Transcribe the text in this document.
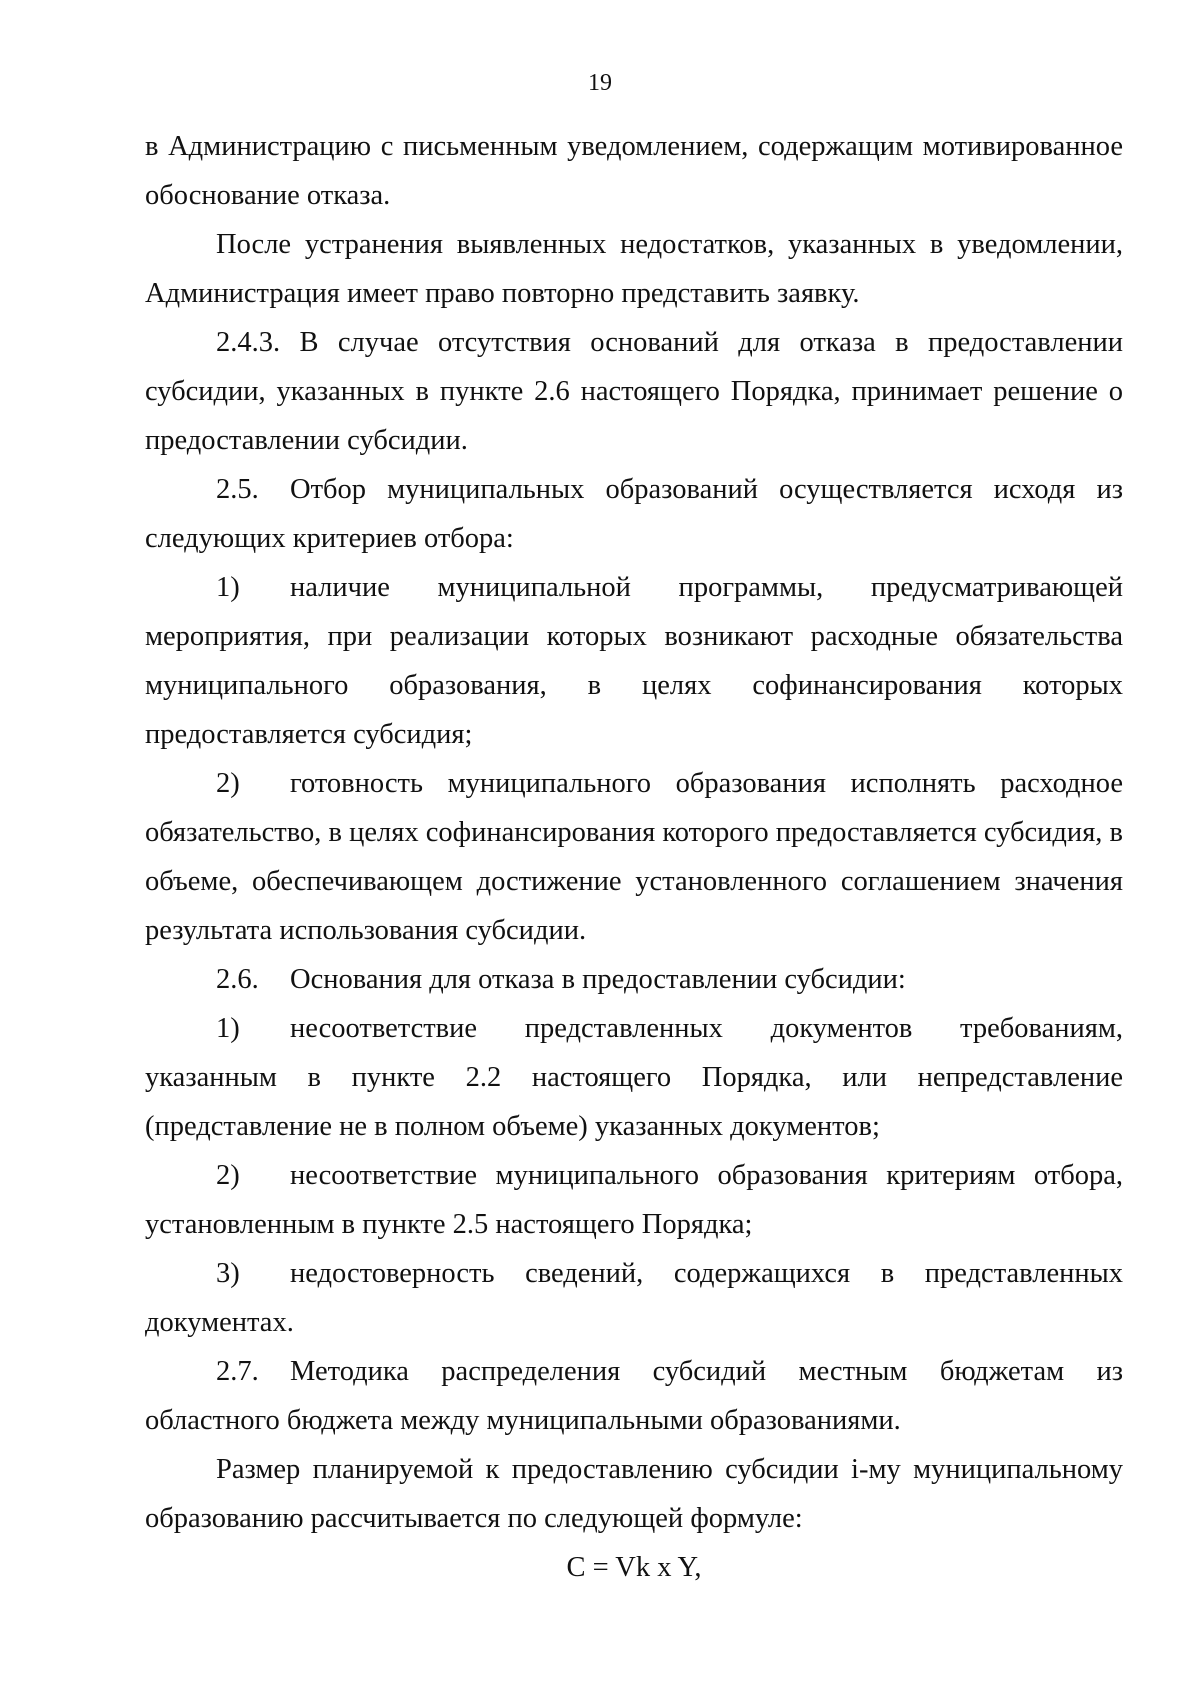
19

в Администрацию с письменным уведомлением, содержащим мотивированное обоснование отказа.

После устранения выявленных недостатков, указанных в уведомлении, Администрация имеет право повторно представить заявку.

2.4.3. В случае отсутствия оснований для отказа в предоставлении субсидии, указанных в пункте 2.6 настоящего Порядка, принимает решение о предоставлении субсидии.

2.5. Отбор муниципальных образований осуществляется исходя из следующих критериев отбора:

1) наличие муниципальной программы, предусматривающей мероприятия, при реализации которых возникают расходные обязательства муниципального образования, в целях софинансирования которых предоставляется субсидия;

2) готовность муниципального образования исполнять расходное обязательство, в целях софинансирования которого предоставляется субсидия, в объеме, обеспечивающем достижение установленного соглашением значения результата использования субсидии.

2.6. Основания для отказа в предоставлении субсидии:

1) несоответствие представленных документов требованиям, указанным в пункте 2.2 настоящего Порядка, или непредставление (представление не в полном объеме) указанных документов;

2) несоответствие муниципального образования критериям отбора, установленным в пункте 2.5 настоящего Порядка;

3) недостоверность сведений, содержащихся в представленных документах.

2.7. Методика распределения субсидий местным бюджетам из областного бюджета между муниципальными образованиями.

Размер планируемой к предоставлению субсидии i-му муниципальному образованию рассчитывается по следующей формуле:

C = Vk x Y,
